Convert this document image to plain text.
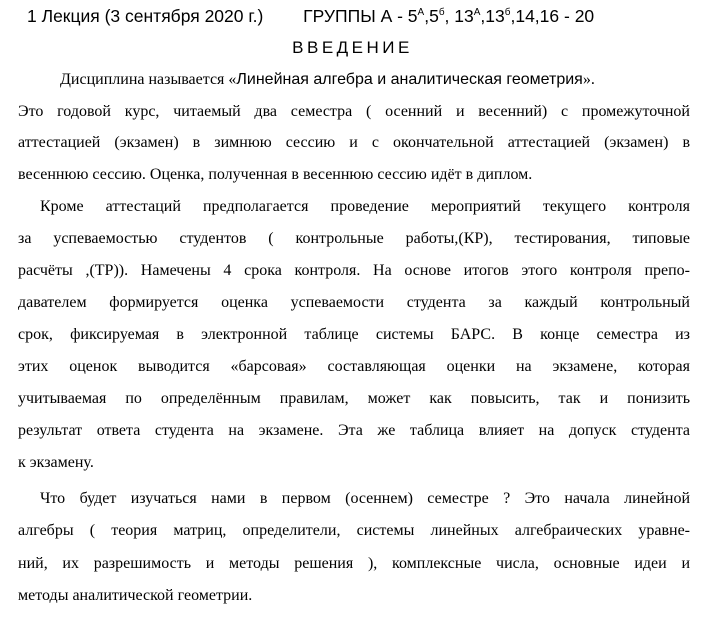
1 Лекция (3 сентября 2020 г.) ГРУППЫ А - $5^А,5^б$, $13^А,13^б,14,16 - 20$
ВВЕДЕНИЕ
Дисциплина называется «Линейная алгебра и аналитическая геометрия».
Это годовой курс, читаемый два семестра ( осенний и весенний) с промежуточной
аттестацией (экзамен) в зимнюю сессию и с окончательной аттестацией (экзамен) в
весеннюю сессию. Оценка, полученная в весеннюю сессию идёт в диплом.
Кроме аттестаций предполагается проведение мероприятий текущего контроля
за успеваемостью студентов ( контрольные работы,(КР), тестирования, типовые
расчёты ,(ТР)). Намечены 4 срока контроля. На основе итогов этого контроля препо-
давателем формируется оценка успеваемости студента за каждый контрольный
срок, фиксируемая в электронной таблице системы БАРС. В конце семестра из
этих оценок выводится «барсовая» составляющая оценки на экзамене, которая
учитываемая по определённым правилам, может как повысить, так и понизить
результат ответа студента на экзамене. Эта же таблица влияет на допуск студента
к экзамену.
Что будет изучаться нами в первом (осеннем) семестре ? Это начала линейной
алгебры ( теория матриц, определители, системы линейных алгебраических уравне-
ний, их разрешимость и методы решения ), комплексные числа, основные идеи и
методы аналитической геометрии.
